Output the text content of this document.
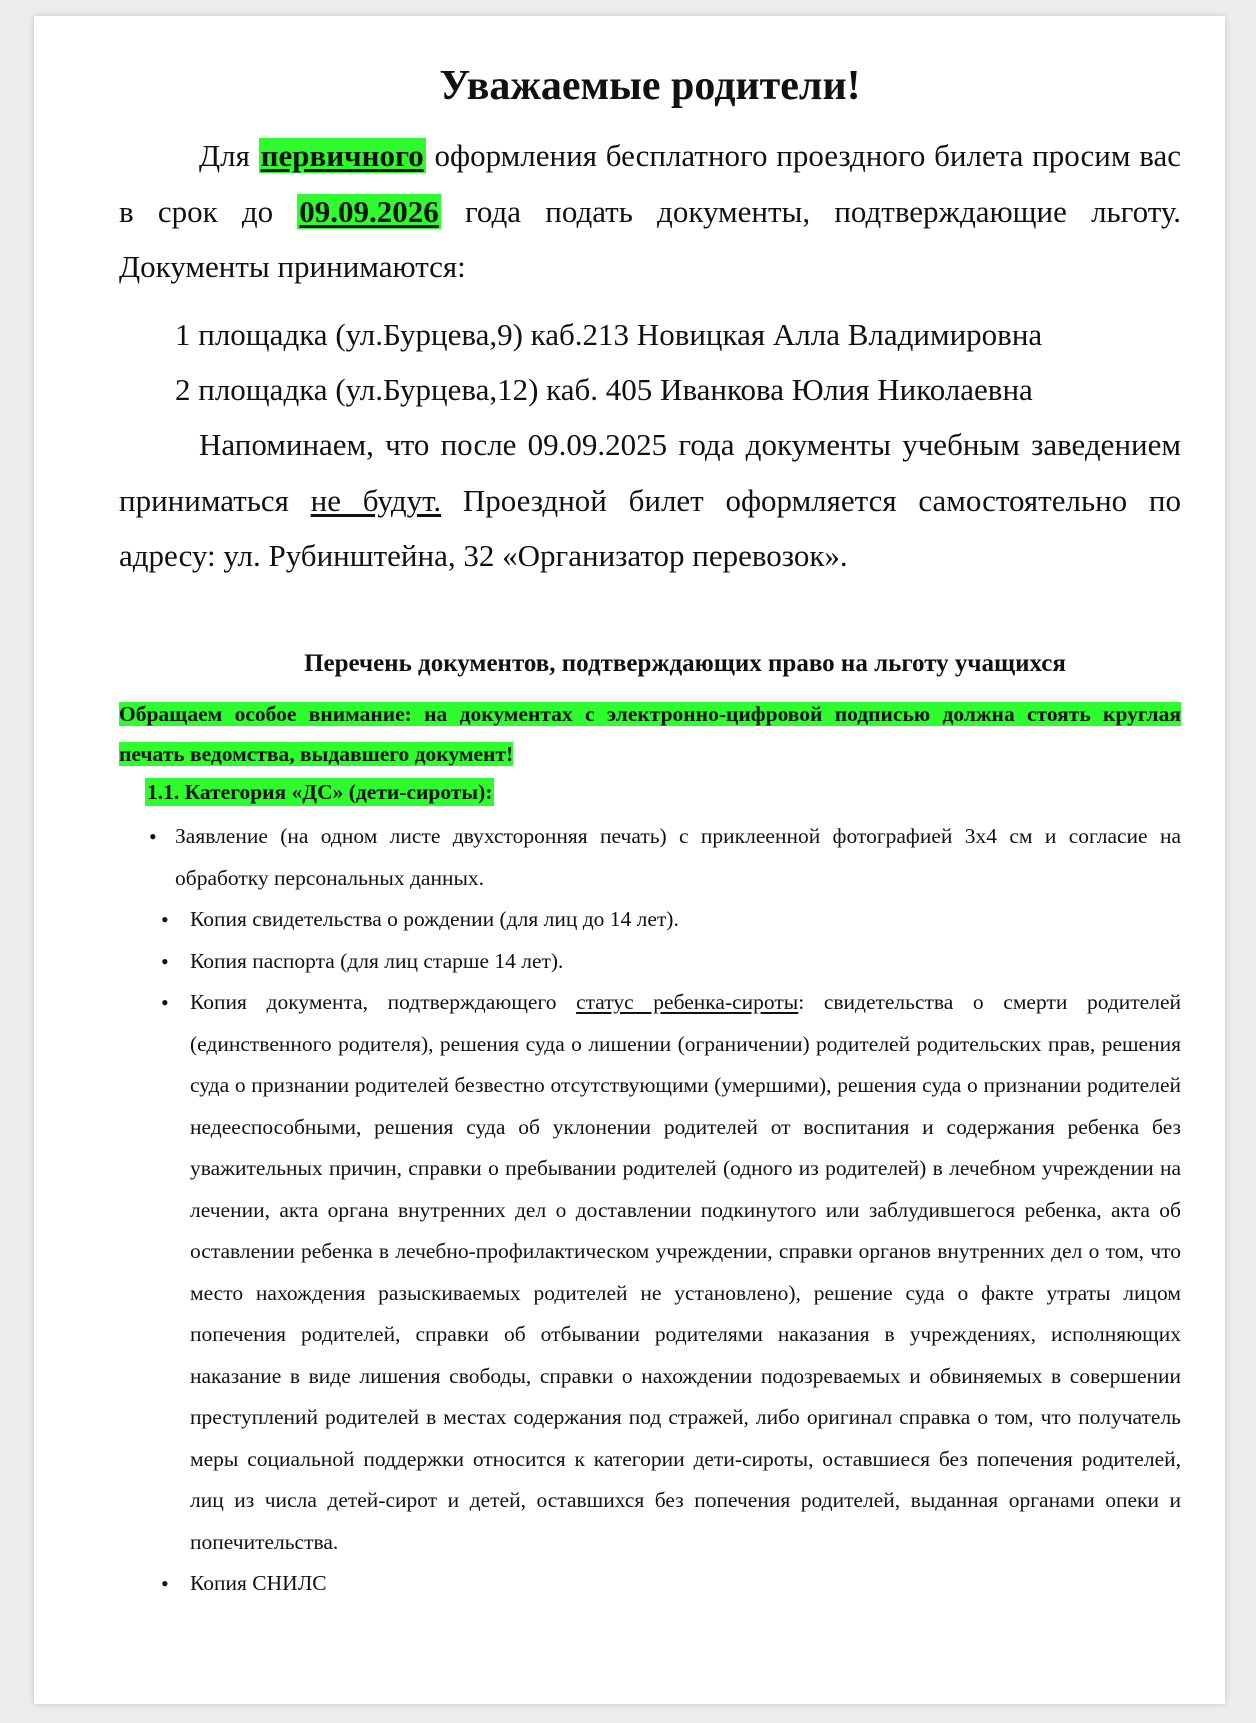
Уважаемые родители!

Для первичного оформления бесплатного проездного билета просим вас в срок до 09.09.2026 года подать документы, подтверждающие льготу. Документы принимаются:

1 площадка (ул.Бурцева,9) каб.213 Новицкая Алла Владимировна

2 площадка (ул.Бурцева,12) каб. 405 Иванкова Юлия Николаевна

Напоминаем, что после 09.09.2025 года документы учебным заведением приниматься не будут. Проездной билет оформляется самостоятельно по адресу: ул. Рубинштейна, 32 «Организатор перевозок».

Перечень документов, подтверждающих право на льготу учащихся

Обращаем особое внимание: на документах с электронно-цифровой подписью должна стоять круглая печать ведомства, выдавшего документ!

1.1. Категория «ДС» (дети-сироты):

• Заявление (на одном листе двухсторонняя печать) с приклеенной фотографией 3х4 см и согласие на обработку персональных данных.
• Копия свидетельства о рождении (для лиц до 14 лет).
• Копия паспорта (для лиц старше 14 лет).
• Копия документа, подтверждающего статус ребенка-сироты: свидетельства о смерти родителей (единственного родителя), решения суда о лишении (ограничении) родителей родительских прав, решения суда о признании родителей безвестно отсутствующими (умершими), решения суда о признании родителей недееспособными, решения суда об уклонении родителей от воспитания и содержания ребенка без уважительных причин, справки о пребывании родителей (одного из родителей) в лечебном учреждении на лечении, акта органа внутренних дел о доставлении подкинутого или заблудившегося ребенка, акта об оставлении ребенка в лечебно-профилактическом учреждении, справки органов внутренних дел о том, что место нахождения разыскиваемых родителей не установлено), решение суда о факте утраты лицом попечения родителей, справки об отбывании родителями наказания в учреждениях, исполняющих наказание в виде лишения свободы, справки о нахождении подозреваемых и обвиняемых в совершении преступлений родителей в местах содержания под стражей, либо оригинал справка о том, что получатель меры социальной поддержки относится к категории дети-сироты, оставшиеся без попечения родителей, лиц из числа детей-сирот и детей, оставшихся без попечения родителей, выданная органами опеки и попечительства.
• Копия СНИЛС
